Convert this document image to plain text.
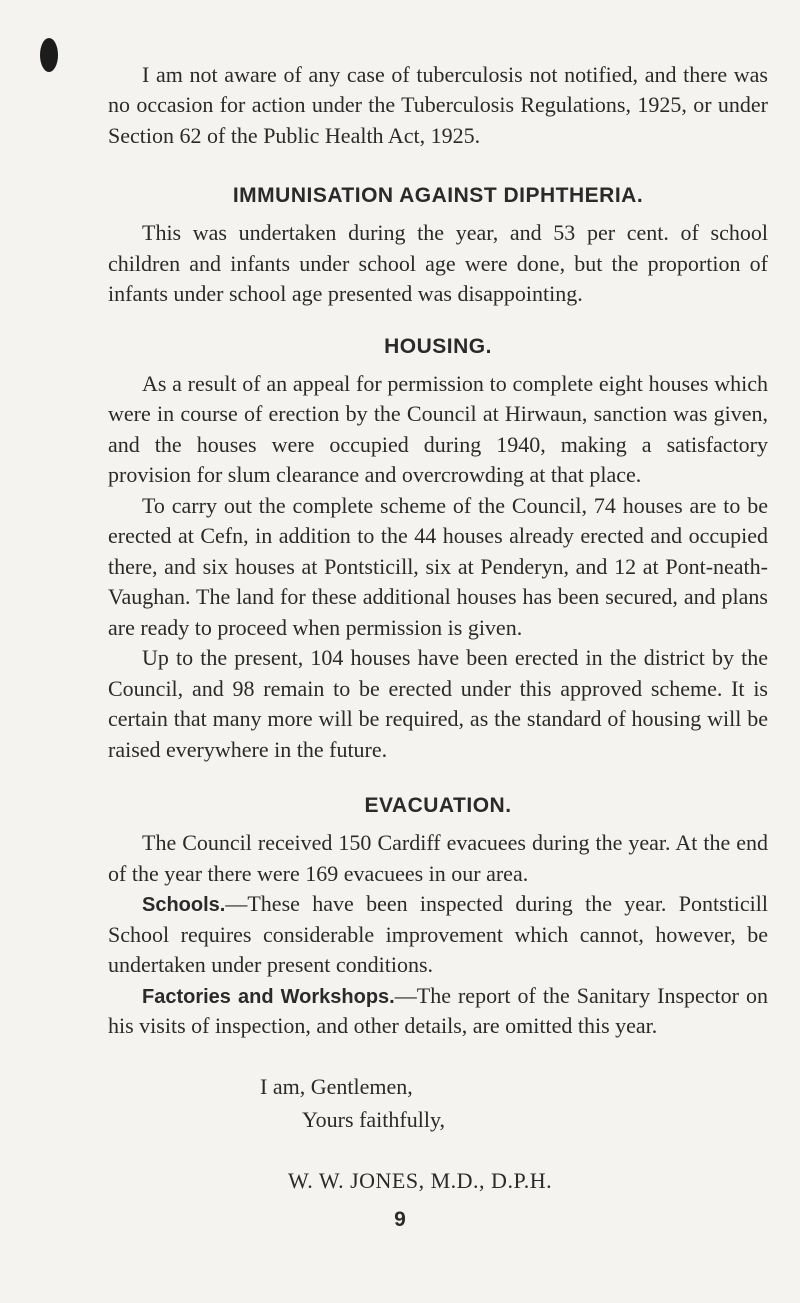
I am not aware of any case of tuberculosis not notified, and there was no occasion for action under the Tuberculosis Regulations, 1925, or under Section 62 of the Public Health Act, 1925.

IMMUNISATION AGAINST DIPHTHERIA.

This was undertaken during the year, and 53 per cent. of school children and infants under school age were done, but the proportion of infants under school age presented was disappointing.

HOUSING.

As a result of an appeal for permission to complete eight houses which were in course of erection by the Council at Hirwaun, sanction was given, and the houses were occupied during 1940, making a satisfactory provision for slum clearance and overcrowding at that place.

To carry out the complete scheme of the Council, 74 houses are to be erected at Cefn, in addition to the 44 houses already erected and occupied there, and six houses at Pontsticill, six at Penderyn, and 12 at Pont-neath-Vaughan. The land for these additional houses has been secured, and plans are ready to proceed when permission is given.

Up to the present, 104 houses have been erected in the district by the Council, and 98 remain to be erected under this approved scheme. It is certain that many more will be required, as the standard of housing will be raised everywhere in the future.

EVACUATION.

The Council received 150 Cardiff evacuees during the year. At the end of the year there were 169 evacuees in our area.

Schools.—These have been inspected during the year. Pontsticill School requires considerable improvement which cannot, however, be undertaken under present conditions.

Factories and Workshops.—The report of the Sanitary Inspector on his visits of inspection, and other details, are omitted this year.

I am, Gentlemen,
Yours faithfully,
W. W. JONES, M.D., D.P.H.
9
